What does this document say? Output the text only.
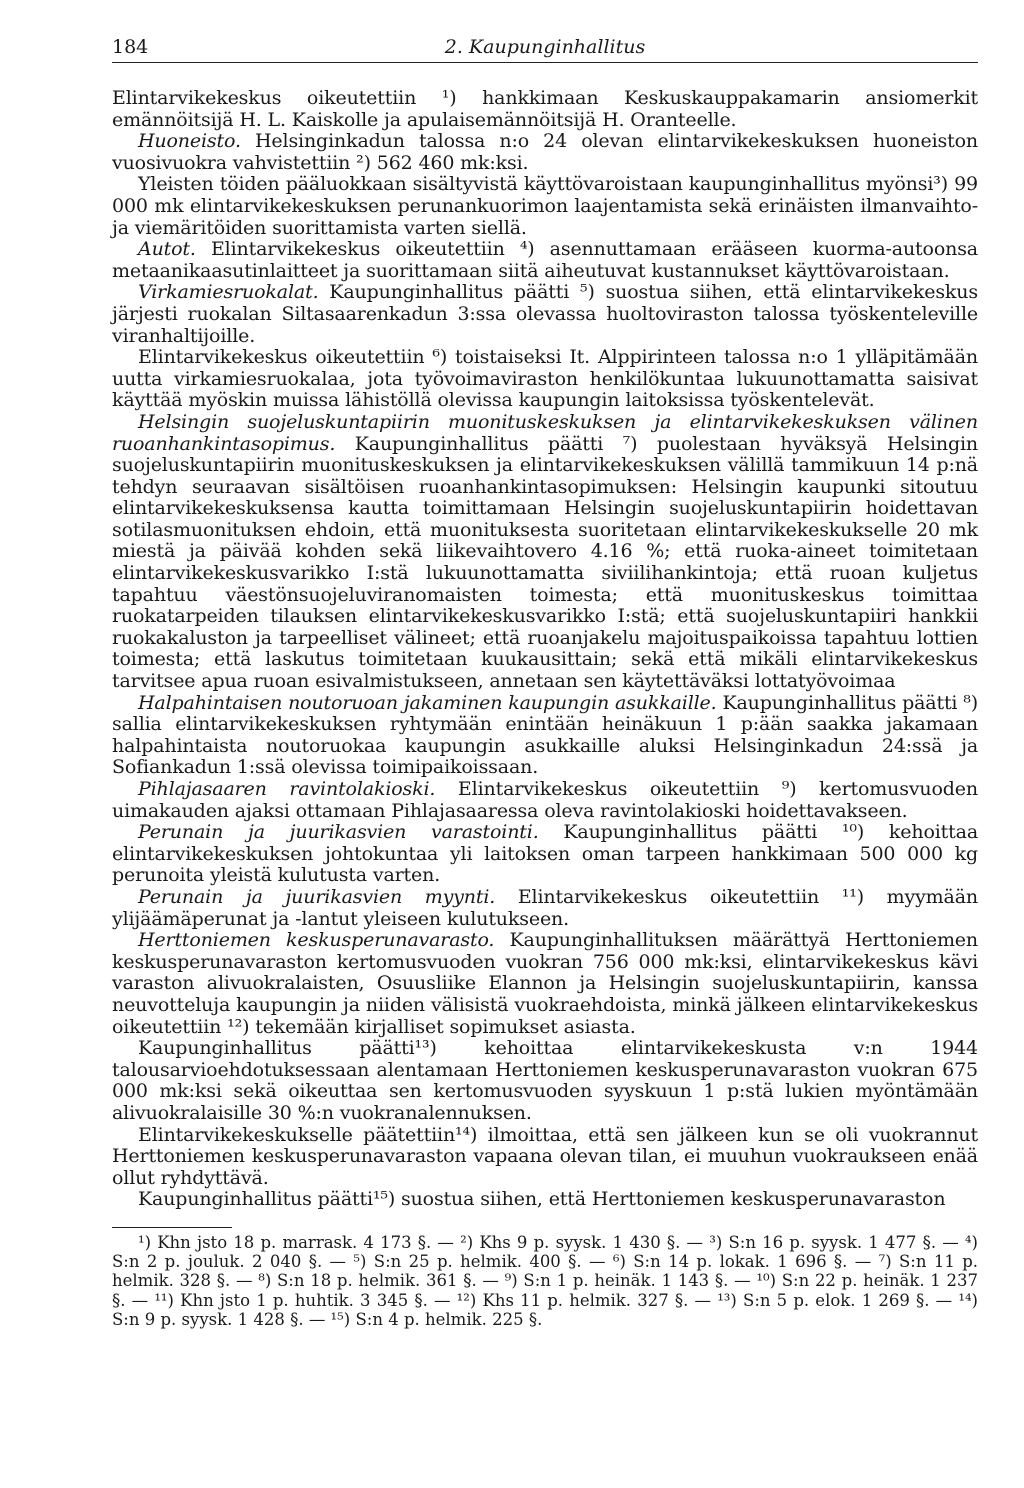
184	2. Kaupunginhallitus

Elintarvikekeskus oikeutettiin ¹) hankkimaan Keskuskauppakamarin ansiomerkit emännöitsijä H. L. Kaiskolle ja apulaisemännöitsijä H. Oranteelle.

Huoneisto. Helsinginkadun talossa n:o 24 olevan elintarvikekeskuksen huoneiston vuosivuokra vahvistettiin ²) 562 460 mk:ksi.

Yleisten töiden pääluokkaan sisältyvistä käyttövaroistaan kaupunginhallitus myönsi³) 99 000 mk elintarvikekeskuksen perunankuorimon laajentamista sekä erinäisten ilmanvaihto- ja viemäritöiden suorittamista varten siellä.

Autot. Elintarvikekeskus oikeutettiin ⁴) asennuttamaan erääseen kuorma-autoonsa metaanikaasutinlaitteet ja suorittamaan siitä aiheutuvat kustannukset käyttövaroistaan.

Virkamiesruokalat. Kaupunginhallitus päätti ⁵) suostua siihen, että elintarvikekeskus järjesti ruokalan Siltasaarenkadun 3:ssa olevassa huoltoviraston talossa työskenteleville viranhaltijoille.

Elintarvikekeskus oikeutettiin ⁶) toistaiseksi It. Alppirinteen talossa n:o 1 ylläpitämään uutta virkamiesruokalaa, jota työvoimaviraston henkilökuntaa lukuunottamatta saisivat käyttää myöskin muissa lähistöllä olevissa kaupungin laitoksissa työskentelevät.

Helsingin suojeluskuntapiirin muonituskeskuksen ja elintarvikekeskuksen välinen ruoanhankintasopimus. Kaupunginhallitus päätti ⁷) puolestaan hyväksyä Helsingin suojeluskuntapiirin muonituskeskuksen ja elintarvikekeskuksen välillä tammikuun 14 p:nä tehdyn seuraavan sisältöisen ruoanhankintasopimuksen: Helsingin kaupunki sitoutuu elintarvikekeskuksensa kautta toimittamaan Helsingin suojeluskuntapiirin hoidettavan sotilasmuonituksen ehdoin, että muonituksesta suoritetaan elintarvikekeskukselle 20 mk miestä ja päivää kohden sekä liikevaihtovero 4.16 %; että ruoka-aineet toimitetaan elintarvikekeskusvarikko I:stä lukuunottamatta siviilihankintoja; että ruoan kuljetus tapahtuu väestönsuojeluviranomaisten toimesta; että muonituskeskus toimittaa ruokatarpeiden tilauksen elintarvikekeskusvarikko I:stä; että suojeluskuntapiiri hankkii ruokakaluston ja tarpeelliset välineet; että ruoanjakelu majoituspaikoissa tapahtuu lottien toimesta; että laskutus toimitetaan kuukausittain; sekä että mikäli elintarvikekeskus tarvitsee apua ruoan esivalmistukseen, annetaan sen käytettäväksi lottatyövoimaa

Halpahintaisen noutoruoan jakaminen kaupungin asukkaille. Kaupunginhallitus päätti ⁸) sallia elintarvikekeskuksen ryhtymään enintään heinäkuun 1 p:ään saakka jakamaan halpahintaista noutoruokaa kaupungin asukkaille aluksi Helsinginkadun 24:ssä ja Sofiankadun 1:ssä olevissa toimipaikoissaan.

Pihlajasaaren ravintolakioski. Elintarvikekeskus oikeutettiin ⁹) kertomusvuoden uimakauden ajaksi ottamaan Pihlajasaaressa oleva ravintolakioski hoidettavakseen.

Perunain ja juurikasvien varastointi. Kaupunginhallitus päätti ¹⁰) kehoittaa elintarvikekeskuksen johtokuntaa yli laitoksen oman tarpeen hankkimaan 500 000 kg perunoita yleistä kulutusta varten.

Perunain ja juurikasvien myynti. Elintarvikekeskus oikeutettiin ¹¹) myymään ylijäämäperunat ja -lantut yleiseen kulutukseen.

Herttoniemen keskusperunavarasto. Kaupunginhallituksen määrättyä Herttoniemen keskusperunavaraston kertomusvuoden vuokran 756 000 mk:ksi, elintarvikekeskus kävi varaston alivuokralaisten, Osuusliike Elannon ja Helsingin suojeluskuntapiirin, kanssa neuvotteluja kaupungin ja niiden välisistä vuokraehdoista, minkä jälkeen elintarvikekeskus oikeutettiin ¹²) tekemään kirjalliset sopimukset asiasta.

Kaupunginhallitus päätti¹³) kehoittaa elintarvikekeskusta v:n 1944 talousarvioehdotuksessaan alentamaan Herttoniemen keskusperunavaraston vuokran 675 000 mk:ksi sekä oikeuttaa sen kertomusvuoden syyskuun 1 p:stä lukien myöntämään alivuokralaisille 30 %:n vuokranalennuksen.

Elintarvikekeskukselle päätettiin¹⁴) ilmoittaa, että sen jälkeen kun se oli vuokrannut Herttoniemen keskusperunavaraston vapaana olevan tilan, ei muuhun vuokraukseen enää ollut ryhdyttävä.

Kaupunginhallitus päätti¹⁵) suostua siihen, että Herttoniemen keskusperunavaraston

¹) Khn jsto 18 p. marrask. 4 173 §. — ²) Khs 9 p. syysk. 1 430 §. — ³) S:n 16 p. syysk. 1 477 §. — ⁴) S:n 2 p. jouluk. 2 040 §. — ⁵) S:n 25 p. helmik. 400 §. — ⁶) S:n 14 p. lokak. 1 696 §. — ⁷) S:n 11 p. helmik. 328 §. — ⁸) S:n 18 p. helmik. 361 §. — ⁹) S:n 1 p. heinäk. 1 143 §. — ¹⁰) S:n 22 p. heinäk. 1 237 §. — ¹¹) Khn jsto 1 p. huhtik. 3 345 §. — ¹²) Khs 11 p. helmik. 327 §. — ¹³) S:n 5 p. elok. 1 269 §. — ¹⁴) S:n 9 p. syysk. 1 428 §. — ¹⁵) S:n 4 p. helmik. 225 §.
